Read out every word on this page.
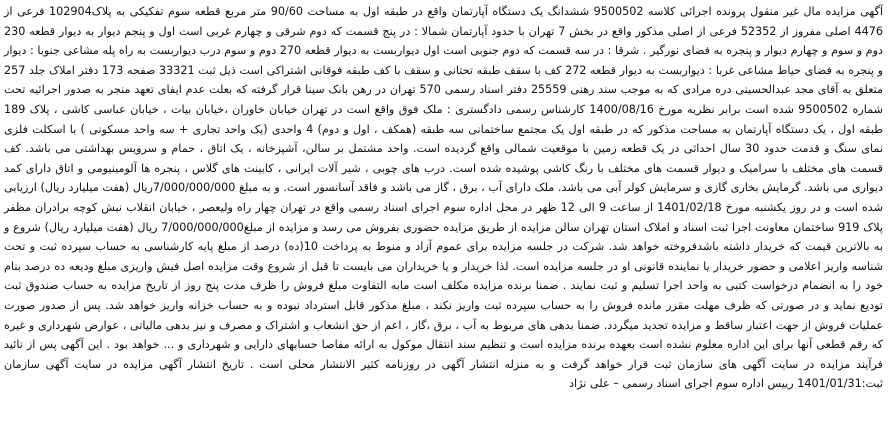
آگهی مزایده مال غیر منقول پرونده اجرائی کلاسه 9500502 ششدانگ یک دستگاه آپارتمان واقع در طبقه اول به مساحت 90/60 متر مربع قطعه سوم تفکیکی به پلاک102904 فرعی از 4476 اصلی مفروز از 52352 فرعی از اصلی مذکور واقع در بخش 7 تهران با حدود آپارتمان شمالا : در پنج قسمت که دوم شرقی و چهارم غربی است اول و پنجم دیوار به دیوار قطعه 230 دوم و سوم و چهارم دیوار و پنجره به فضای نورگیر . شرقا : در سه قسمت که دوم جنوبی است اول دیواربست به دیوار قطعه 270 دوم و سوم درب دیواربست به راه پله مشاعی جنوبا : دیوار و پنجره به فضای حیاط مشاعی غربا : دیواربست به دیوار قطعه 272 کف با سقف طبقه تحتانی و سقف با کف طبقه فوقانی اشتراکی است ذیل ثبت 33321 صفحه 173 دفتر املاک جلد 257 متعلق به آقای مجد عبدالحسینی دره مرادی که به موجب سند رهنی 25559 دفتر اسناد رسمی 570 تهران در رهن بانک سینا قرار گرفته که بعلت عدم ایفای تعهد منجر به صدور اجرائیه تحت شماره 9500502 شده است برابر نظریه مورخ 1400/08/16 کارشناس رسمی دادگستری : ملک فوق واقع است در تهران خیابان خاوران ،خیابان بیات ، خیابان عباسی کاشی ، پلاک 189 طبقه اول ، یک دستگاه آپارتمان به مساحت مذکور که در طبقه اول یک مجتمع ساختمانی سه طبقه (همکف ، اول و دوم) 4 واحدی (یک واحد تجاری + سه واحد مسکونی ) با اسکلت فلزی نمای سنگ و قدمت حدود 30 سال احداثی در یک قطعه زمین با موقعیت شمالی واقع گردیده است. واحد مشتمل بر سالن، آشپزخانه ، یک اتاق ، حمام و سرویس بهداشتی می باشد. کف قسمت های مختلف با سرامیک و دیوار قسمت های مختلف با رنگ کاشی پوشیده شده است. درب های چوبی ، شیر آلات ایرانی ، کابینت های گلاس ، پنجره ها آلومینیومی و اتاق دارای کمد دیواری می باشد. گرمایش بخاری گازی و سرمایش کولر آبی می باشد. ملک دارای آب ، برق ، گاز می باشد و فاقد آسانسور است. و به مبلغ 7/000/000/000ریال (هفت میلیارد ریال) ارزیابی شده است و در روز یکشنبه مورخ 1401/02/18 از ساعت 9 الی 12 ظهر در محل اداره سوم اجرای اسناد رسمی واقع در تهران چهار راه ولیعصر ، خیابان انقلاب نبش کوچه برادران مظفر پلاک 919 ساختمان معاونت اجرا ثبت اسناد و املاک استان تهران سالن مزایده از طریق مزایده حضوری بفروش می رسد و مزایده از مبلغ7/000/000/000 ریال (هفت میلیارد ریال) شروع و به بالاترین قیمت که خریدار داشته باشدفروخته خواهد شد. شرکت در جلسه مزایده برای عموم آزاد و منوط به پرداخت 10(ده) درصد از مبلغ پایه کارشناسی به حساب سپرده ثبت و تحت شناسه واریز اعلامی و حضور خریدار یا نماینده قانونی او در جلسه مزایده است. لذا خریدار و یا خریداران می بایست تا قبل از شروع وقت مزایده اصل فیش واریزی مبلغ ودیعه ده درصد بنام خود را به انضمام درخواست کتبی به واحد اجرا تسلیم و ثبت نمایند . ضمنا برنده مزایده مکلف است مابه التفاوت مبلغ فروش را ظرف مدت پنج روز از تاریخ مزایده به حساب صندوق ثبت تودیع نماید و در صورتی که ظرف مهلت مقرر مانده فروش را به حساب سپرده ثبت واریز نکند ، مبلغ مذکور قابل استرداد نبوده و به حساب خزانه واریز خواهد شد. پس از صدور صورت عملیات فروش از جهت اعتبار ساقط و مزایده تجدید میگردد. ضمنا بدهی های مربوط به آب ، برق ،گاز ، اعم از حق انشعاب و اشتراک و مصرف و نیز بدهی مالیاتی ، عوارض شهرداری و غیره که رقم قطعی آنها برای این اداره معلوم نشده است بعهده برنده مزایده است و تنظیم سند انتقال موکول به ارائه مفاصا حسابهای دارایی و شهرداری و ... خواهد بود . این آگهی پس از تائید فرآیند مزایده در سایت آگهی های سازمان ثبت قرار خواهد گرفت و به منزله انتشار آگهی در روزنامه کثیر الانتشار محلی است . تاریخ انتشار آگهی مزایده در سایت آگهی سازمان ثبت:1401/01/31 رییس اداره سوم اجرای اسناد رسمی – علی نژاد
